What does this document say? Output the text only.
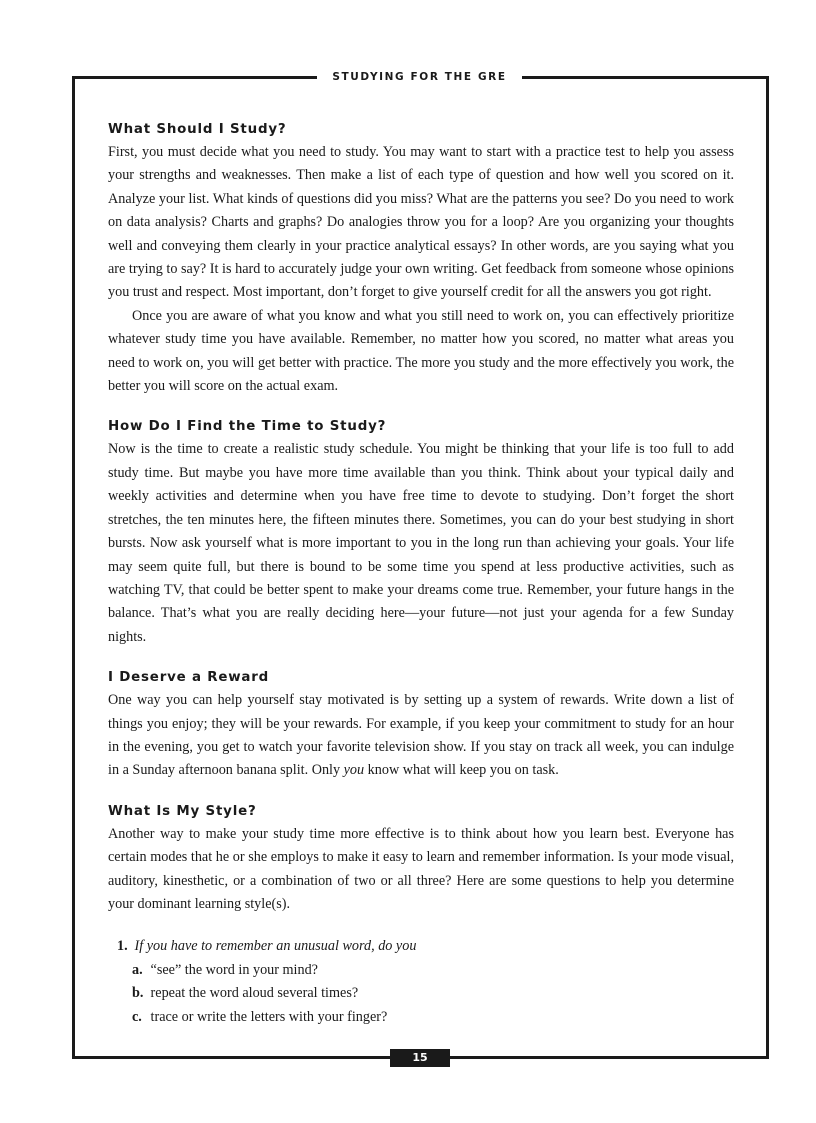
STUDYING FOR THE GRE
What Should I Study?

First, you must decide what you need to study. You may want to start with a practice test to help you assess your strengths and weaknesses. Then make a list of each type of question and how well you scored on it. Analyze your list. What kinds of questions did you miss? What are the patterns you see? Do you need to work on data analysis? Charts and graphs? Do analogies throw you for a loop? Are you organizing your thoughts well and conveying them clearly in your practice analytical essays? In other words, are you saying what you are trying to say? It is hard to accurately judge your own writing. Get feedback from someone whose opinions you trust and respect. Most important, don’t forget to give yourself credit for all the answers you got right.

Once you are aware of what you know and what you still need to work on, you can effectively prioritize whatever study time you have available. Remember, no matter how you scored, no matter what areas you need to work on, you will get better with practice. The more you study and the more effectively you work, the better you will score on the actual exam.

How Do I Find the Time to Study?

Now is the time to create a realistic study schedule. You might be thinking that your life is too full to add study time. But maybe you have more time available than you think. Think about your typical daily and weekly activities and determine when you have free time to devote to studying. Don’t forget the short stretches, the ten minutes here, the fifteen minutes there. Sometimes, you can do your best studying in short bursts. Now ask yourself what is more important to you in the long run than achieving your goals. Your life may seem quite full, but there is bound to be some time you spend at less productive activities, such as watching TV, that could be better spent to make your dreams come true. Remember, your future hangs in the balance. That’s what you are really deciding here—your future—not just your agenda for a few Sunday nights.

I Deserve a Reward

One way you can help yourself stay motivated is by setting up a system of rewards. Write down a list of things you enjoy; they will be your rewards. For example, if you keep your commitment to study for an hour in the evening, you get to watch your favorite television show. If you stay on track all week, you can indulge in a Sunday afternoon banana split. Only you know what will keep you on task.

What Is My Style?

Another way to make your study time more effective is to think about how you learn best. Everyone has certain modes that he or she employs to make it easy to learn and remember information. Is your mode visual, auditory, kinesthetic, or a combination of two or all three? Here are some questions to help you determine your dominant learning style(s).

1. If you have to remember an unusual word, do you
a. “see” the word in your mind?
b. repeat the word aloud several times?
c. trace or write the letters with your finger?
15
